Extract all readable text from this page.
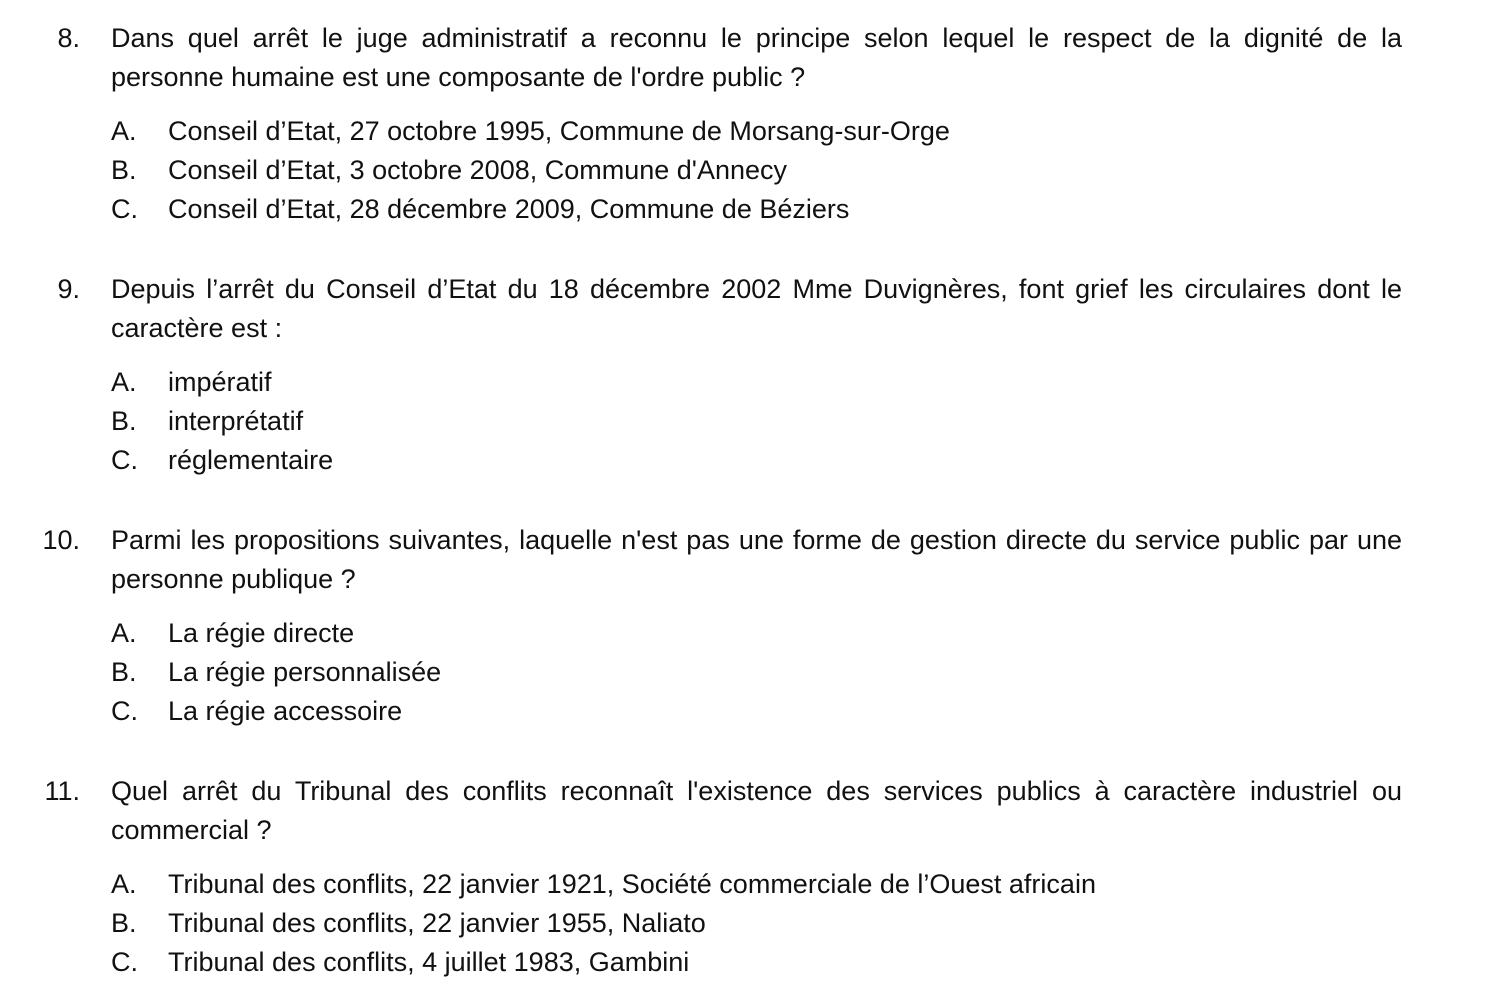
8. Dans quel arrêt le juge administratif a reconnu le principe selon lequel le respect de la dignité de la personne humaine est une composante de l'ordre public ?
A. Conseil d’Etat, 27 octobre 1995, Commune de Morsang-sur-Orge
B. Conseil d’Etat, 3 octobre 2008, Commune d'Annecy
C. Conseil d’Etat, 28 décembre 2009, Commune de Béziers
9. Depuis l’arrêt du Conseil d’Etat du 18 décembre 2002 Mme Duvignères, font grief les circulaires dont le caractère est :
A. impératif
B. interprétatif
C. réglementaire
10. Parmi les propositions suivantes, laquelle n'est pas une forme de gestion directe du service public par une personne publique ?
A. La régie directe
B. La régie personnalisée
C. La régie accessoire
11. Quel arrêt du Tribunal des conflits reconnaît l'existence des services publics à caractère industriel ou commercial ?
A. Tribunal des conflits, 22 janvier 1921, Société commerciale de l’Ouest africain
B. Tribunal des conflits, 22 janvier 1955, Naliato
C. Tribunal des conflits, 4 juillet 1983, Gambini
